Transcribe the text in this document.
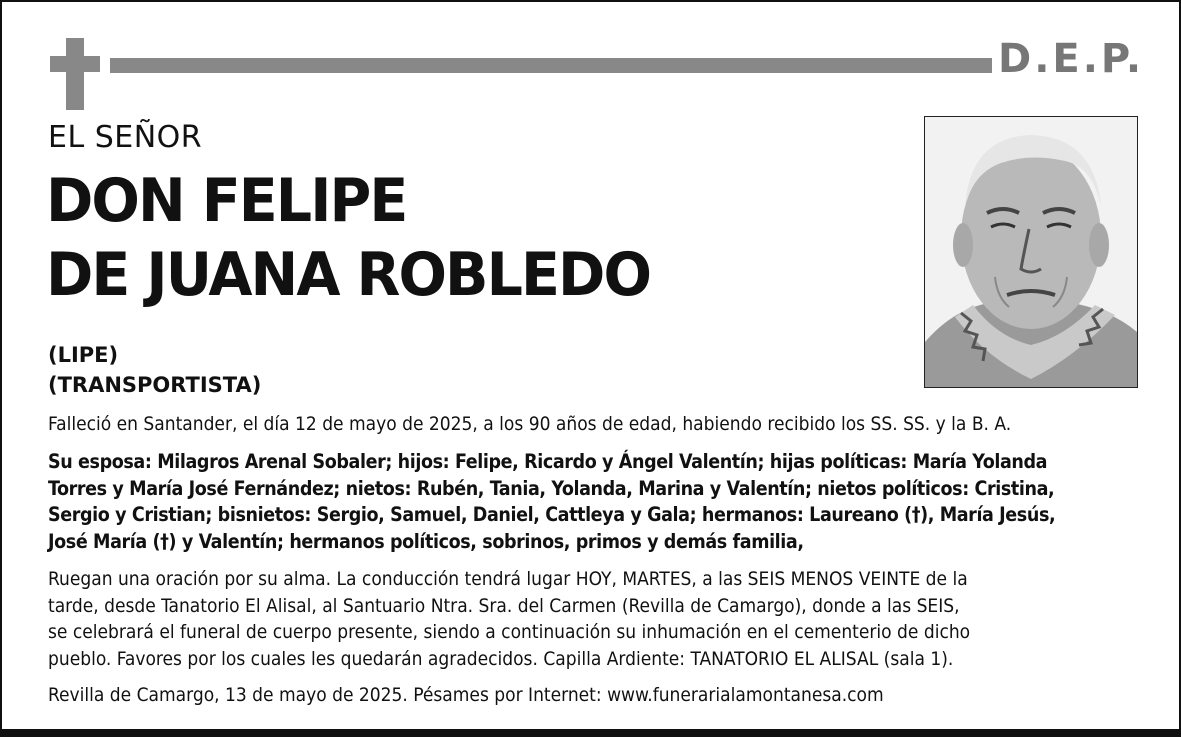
D.E.P.
EL SEÑOR
DON FELIPE
DE JUANA ROBLEDO
(LIPE)
(TRANSPORTISTA)
Falleció en Santander, el día 12 de mayo de 2025, a los 90 años de edad, habiendo recibido los SS. SS. y la B. A.
Su esposa: Milagros Arenal Sobaler; hijos: Felipe, Ricardo y Ángel Valentín; hijas políticas: María Yolanda
Torres y María José Fernández; nietos: Rubén, Tania, Yolanda, Marina y Valentín; nietos políticos: Cristina,
Sergio y Cristian; bisnietos: Sergio, Samuel, Daniel, Cattleya y Gala; hermanos: Laureano (†), María Jesús,
José María (†) y Valentín; hermanos políticos, sobrinos, primos y demás familia,
Ruegan una oración por su alma. La conducción tendrá lugar HOY, MARTES, a las SEIS MENOS VEINTE de la
tarde, desde Tanatorio El Alisal, al Santuario Ntra. Sra. del Carmen (Revilla de Camargo), donde a las SEIS,
se celebrará el funeral de cuerpo presente, siendo a continuación su inhumación en el cementerio de dicho
pueblo. Favores por los cuales les quedarán agradecidos. Capilla Ardiente: TANATORIO EL ALISAL (sala 1).
Revilla de Camargo, 13 de mayo de 2025. Pésames por Internet: www.funerarialamontanesa.com
